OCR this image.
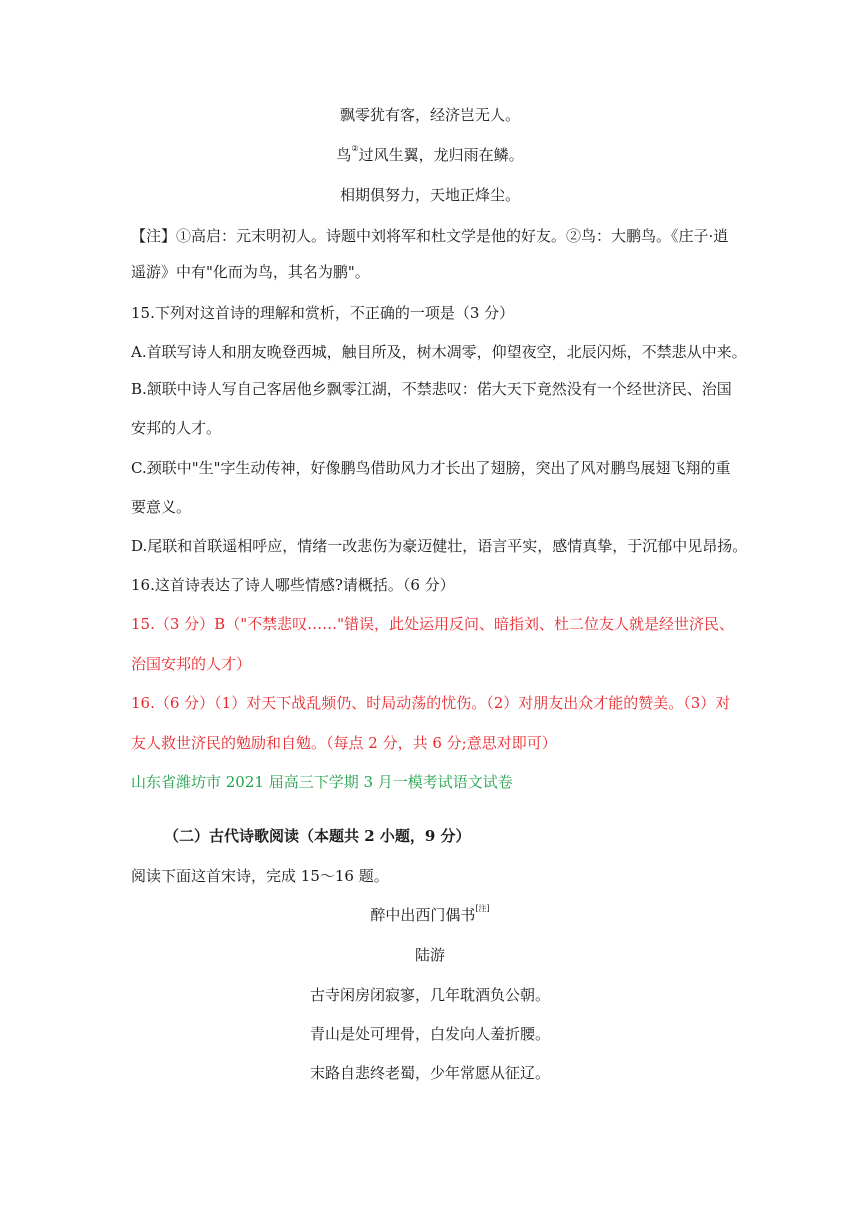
飘零犹有客，经济岂无人。
鸟②过风生翼，龙归雨在鳞。
相期俱努力，天地正烽尘。
【注】①高启：元末明初人。诗题中刘将军和杜文学是他的好友。②鸟：大鹏鸟。《庄子·逍
遥游》中有"化而为鸟，其名为鹏"。
15.下列对这首诗的理解和赏析，不正确的一项是（3 分）
A.首联写诗人和朋友晚登西城，触目所及，树木凋零，仰望夜空，北辰闪烁，不禁悲从中来。
B.颔联中诗人写自己客居他乡飘零江湖，不禁悲叹：偌大天下竟然没有一个经世济民、治国
安邦的人才。
C.颈联中"生"字生动传神，好像鹏鸟借助风力才长出了翅膀，突出了风对鹏鸟展翅飞翔的重
要意义。
D.尾联和首联遥相呼应，情绪一改悲伤为豪迈健壮，语言平实，感情真挚，于沉郁中见昂扬。
16.这首诗表达了诗人哪些情感?请概括。（6 分）
15.（3 分）B（"不禁悲叹……"错误，此处运用反问、暗指刘、杜二位友人就是经世济民、
治国安邦的人才）
16.（6 分）（1）对天下战乱频仍、时局动荡的忧伤。（2）对朋友出众才能的赞美。（3）对
友人救世济民的勉励和自勉。（每点 2 分，共 6 分;意思对即可）
山东省潍坊市 2021 届高三下学期 3 月一模考试语文试卷
（二）古代诗歌阅读（本题共 2 小题，9 分）
阅读下面这首宋诗，完成 15～16 题。
醉中出西门偶书[注]
陆游
古寺闲房闭寂寥，几年耽酒负公朝。
青山是处可埋骨，白发向人羞折腰。
末路自悲终老蜀，少年常愿从征辽。
